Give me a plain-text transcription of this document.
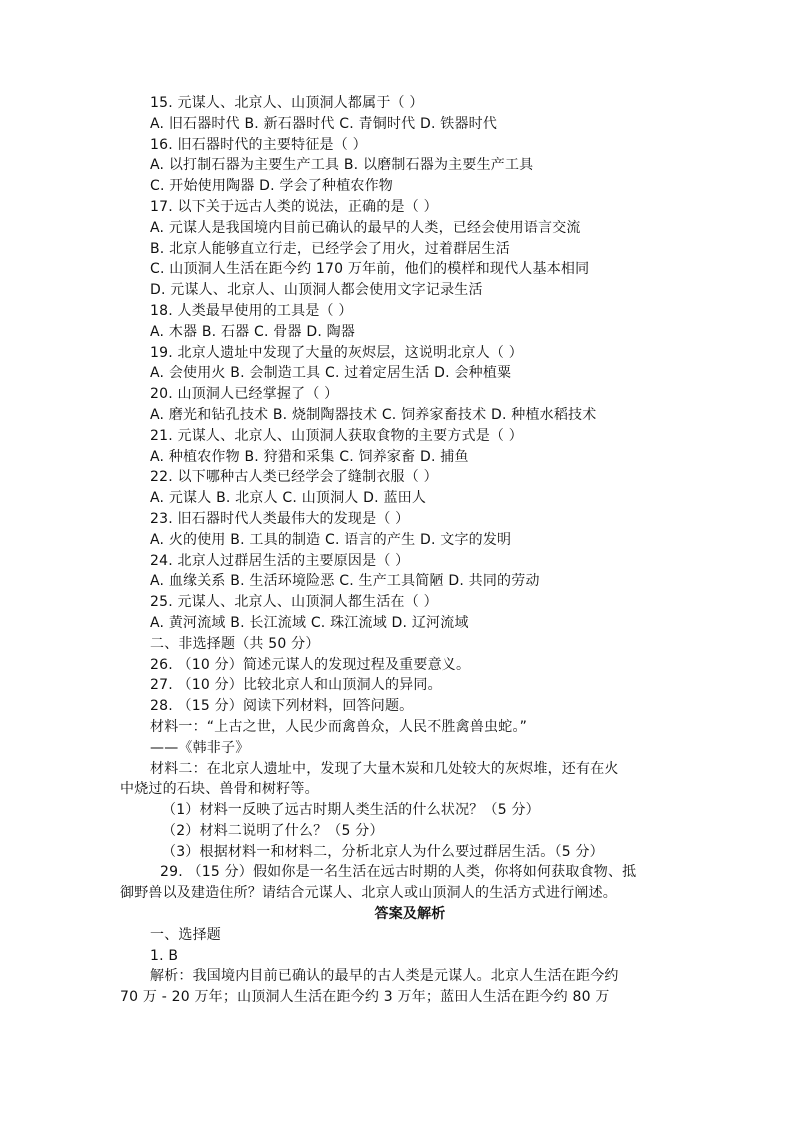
15. 元谋人、北京人、山顶洞人都属于（ ）
A. 旧石器时代 B. 新石器时代 C. 青铜时代 D. 铁器时代
16. 旧石器时代的主要特征是（ ）
A. 以打制石器为主要生产工具 B. 以磨制石器为主要生产工具
C. 开始使用陶器 D. 学会了种植农作物
17. 以下关于远古人类的说法，正确的是（ ）
A. 元谋人是我国境内目前已确认的最早的人类，已经会使用语言交流
B. 北京人能够直立行走，已经学会了用火，过着群居生活
C. 山顶洞人生活在距今约 170 万年前，他们的模样和现代人基本相同
D. 元谋人、北京人、山顶洞人都会使用文字记录生活
18. 人类最早使用的工具是（ ）
A. 木器 B. 石器 C. 骨器 D. 陶器
19. 北京人遗址中发现了大量的灰烬层，这说明北京人（ ）
A. 会使用火 B. 会制造工具 C. 过着定居生活 D. 会种植粟
20. 山顶洞人已经掌握了（ ）
A. 磨光和钻孔技术 B. 烧制陶器技术 C. 饲养家畜技术 D. 种植水稻技术
21. 元谋人、北京人、山顶洞人获取食物的主要方式是（ ）
A. 种植农作物 B. 狩猎和采集 C. 饲养家畜 D. 捕鱼
22. 以下哪种古人类已经学会了缝制衣服（ ）
A. 元谋人 B. 北京人 C. 山顶洞人 D. 蓝田人
23. 旧石器时代人类最伟大的发现是（ ）
A. 火的使用 B. 工具的制造 C. 语言的产生 D. 文字的发明
24. 北京人过群居生活的主要原因是（ ）
A. 血缘关系 B. 生活环境险恶 C. 生产工具简陋 D. 共同的劳动
25. 元谋人、北京人、山顶洞人都生活在（ ）
A. 黄河流域 B. 长江流域 C. 珠江流域 D. 辽河流域
二、非选择题（共 50 分）
26. （10 分）简述元谋人的发现过程及重要意义。
27. （10 分）比较北京人和山顶洞人的异同。
28. （15 分）阅读下列材料，回答问题。
材料一：“上古之世，人民少而禽兽众，人民不胜禽兽虫蛇。”
——《韩非子》
材料二：在北京人遗址中，发现了大量木炭和几处较大的灰烬堆，还有在火
中烧过的石块、兽骨和树籽等。
（1）材料一反映了远古时期人类生活的什么状况？（5 分）
（2）材料二说明了什么？（5 分）
（3）根据材料一和材料二，分析北京人为什么要过群居生活。（5 分）
29. （15 分）假如你是一名生活在远古时期的人类，你将如何获取食物、抵
御野兽以及建造住所？请结合元谋人、北京人或山顶洞人的生活方式进行阐述。
答案及解析
一、选择题
1. B
解析：我国境内目前已确认的最早的古人类是元谋人。北京人生活在距今约
70 万 - 20 万年；山顶洞人生活在距今约 3 万年；蓝田人生活在距今约 80 万
